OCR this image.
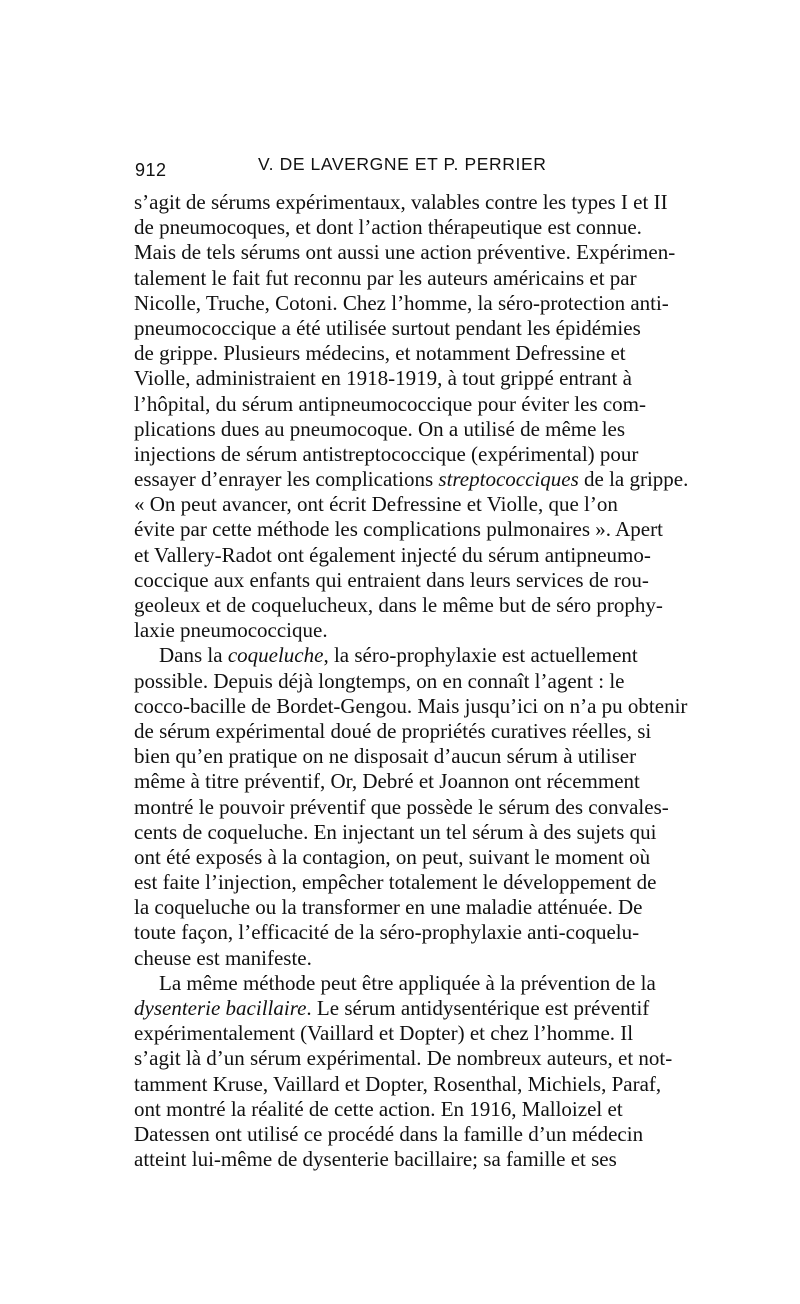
912	V. DE LAVERGNE ET P. PERRIER
s’agit de sérums expérimentaux, valables contre les types I et II
de pneumocoques, et dont l’action thérapeutique est connue.
Mais de tels sérums ont aussi une action préventive. Expérimen-
talement le fait fut reconnu par les auteurs américains et par
Nicolle, Truche, Cotoni. Chez l’homme, la séro-protection anti-
pneumococcique a été utilisée surtout pendant les épidémies
de grippe. Plusieurs médecins, et notamment Defressine et
Violle, administraient en 1918-1919, à tout grippé entrant à
l’hôpital, du sérum antipneumococcique pour éviter les com-
plications dues au pneumocoque. On a utilisé de même les
injections de sérum antistreptococcique (expérimental) pour
essayer d’enrayer les complications streptococciques de la grippe.
« On peut avancer, ont écrit Defressine et Violle, que l’on
évite par cette méthode les complications pulmonaires ». Apert
et Vallery-Radot ont également injecté du sérum antipneumo-
coccique aux enfants qui entraient dans leurs services de rou-
geoleux et de coquelucheux, dans le même but de séro prophy-
laxie pneumococcique.
Dans la coqueluche, la séro-prophylaxie est actuellement
possible. Depuis déjà longtemps, on en connaît l’agent : le
cocco-bacille de Bordet-Gengou. Mais jusqu’ici on n’a pu obtenir
de sérum expérimental doué de propriétés curatives réelles, si
bien qu’en pratique on ne disposait d’aucun sérum à utiliser
même à titre préventif, Or, Debré et Joannon ont récemment
montré le pouvoir préventif que possède le sérum des convales-
cents de coqueluche. En injectant un tel sérum à des sujets qui
ont été exposés à la contagion, on peut, suivant le moment où
est faite l’injection, empêcher totalement le développement de
la coqueluche ou la transformer en une maladie atténuée. De
toute façon, l’efficacité de la séro-prophylaxie anti-coquelu-
cheuse est manifeste.
La même méthode peut être appliquée à la prévention de la
dysenterie bacillaire. Le sérum antidysentérique est préventif
expérimentalement (Vaillard et Dopter) et chez l’homme. Il
s’agit là d’un sérum expérimental. De nombreux auteurs, et not-
tamment Kruse, Vaillard et Dopter, Rosenthal, Michiels, Paraf,
ont montré la réalité de cette action. En 1916, Malloizel et
Datessen ont utilisé ce procédé dans la famille d’un médecin
atteint lui-même de dysenterie bacillaire; sa famille et ses
